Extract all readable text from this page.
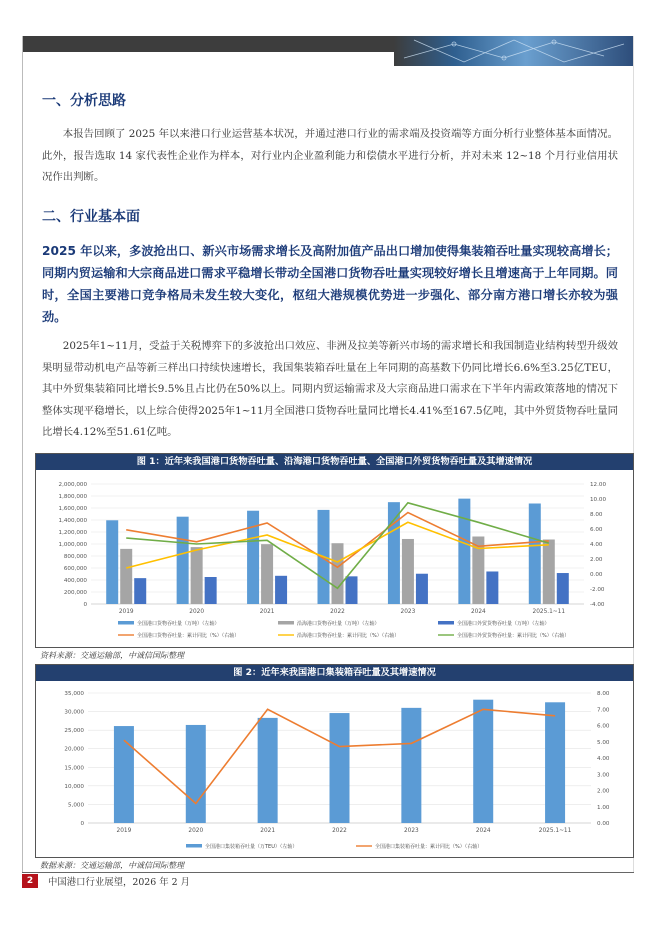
一、分析思路

本报告回顾了 2025 年以来港口行业运营基本状况，并通过港口行业的需求端及投资端等方面分析行业整体基本面情况。此外，报告选取 14 家代表性企业作为样本，对行业内企业盈利能力和偿债水平进行分析，并对未来 12~18 个月行业信用状况作出判断。

二、行业基本面

2025 年以来，多波抢出口、新兴市场需求增长及高附加值产品出口增加使得集装箱吞吐量实现较高增长；同期内贸运输和大宗商品进口需求平稳增长带动全国港口货物吞吐量实现较好增长且增速高于上年同期。同时，全国主要港口竞争格局未发生较大变化，枢纽大港规模优势进一步强化、部分南方港口增长亦较为强劲。

2025年1~11月，受益于关税博弈下的多波抢出口效应、非洲及拉美等新兴市场的需求增长和我国制造业结构转型升级效果明显带动机电产品等新三样出口持续快速增长，我国集装箱吞吐量在上年同期的高基数下仍同比增长6.6%至3.25亿TEU，其中外贸集装箱同比增长9.5%且占比仍在50%以上。同期内贸运输需求及大宗商品进口需求在下半年内需政策落地的情况下整体实现平稳增长，以上综合使得2025年1~11月全国港口货物吞吐量同比增长4.41%至167.5亿吨，其中外贸货物吞吐量同比增长4.12%至51.61亿吨。

图 1：近年来我国港口货物吞吐量、沿海港口货物吞吐量、全国港口外贸货物吞吐量及其增速情况
0
200,000
400,000
600,000
800,000
1,000,000
1,200,000
1,400,000
1,600,000
1,800,000
2,000,000
-4.00
-2.00
0.00
2.00
4.00
6.00
8.00
10.00
12.00
2019	2020	2021	2022	2023	2024	2025.1~11
全国港口货物吞吐量（万吨）（左轴）	沿海港口货物吞吐量（万吨）（左轴）	全国港口外贸货物吞吐量（万吨）（左轴）
全国港口货物吞吐量：累计同比（%）（右轴）	沿海港口货物吞吐量：累计同比（%）（右轴）	全国港口外贸货物吞吐量：累计同比（%）（右轴）
资料来源：交通运输部，中诚信国际整理
图 2：近年来我国港口集装箱吞吐量及其增速情况
0
5,000
10,000
15,000
20,000
25,000
30,000
35,000
0.00
1.00
2.00
3.00
4.00
5.00
6.00
7.00
8.00
2019	2020	2021	2022	2023	2024	2025.1~11
全国港口集装箱吞吐量（万TEU）（左轴）	全国港口集装箱吞吐量：累计同比（%）（右轴）
数据来源：交通运输部，中诚信国际整理
2	中国港口行业展望，2026 年 2 月
